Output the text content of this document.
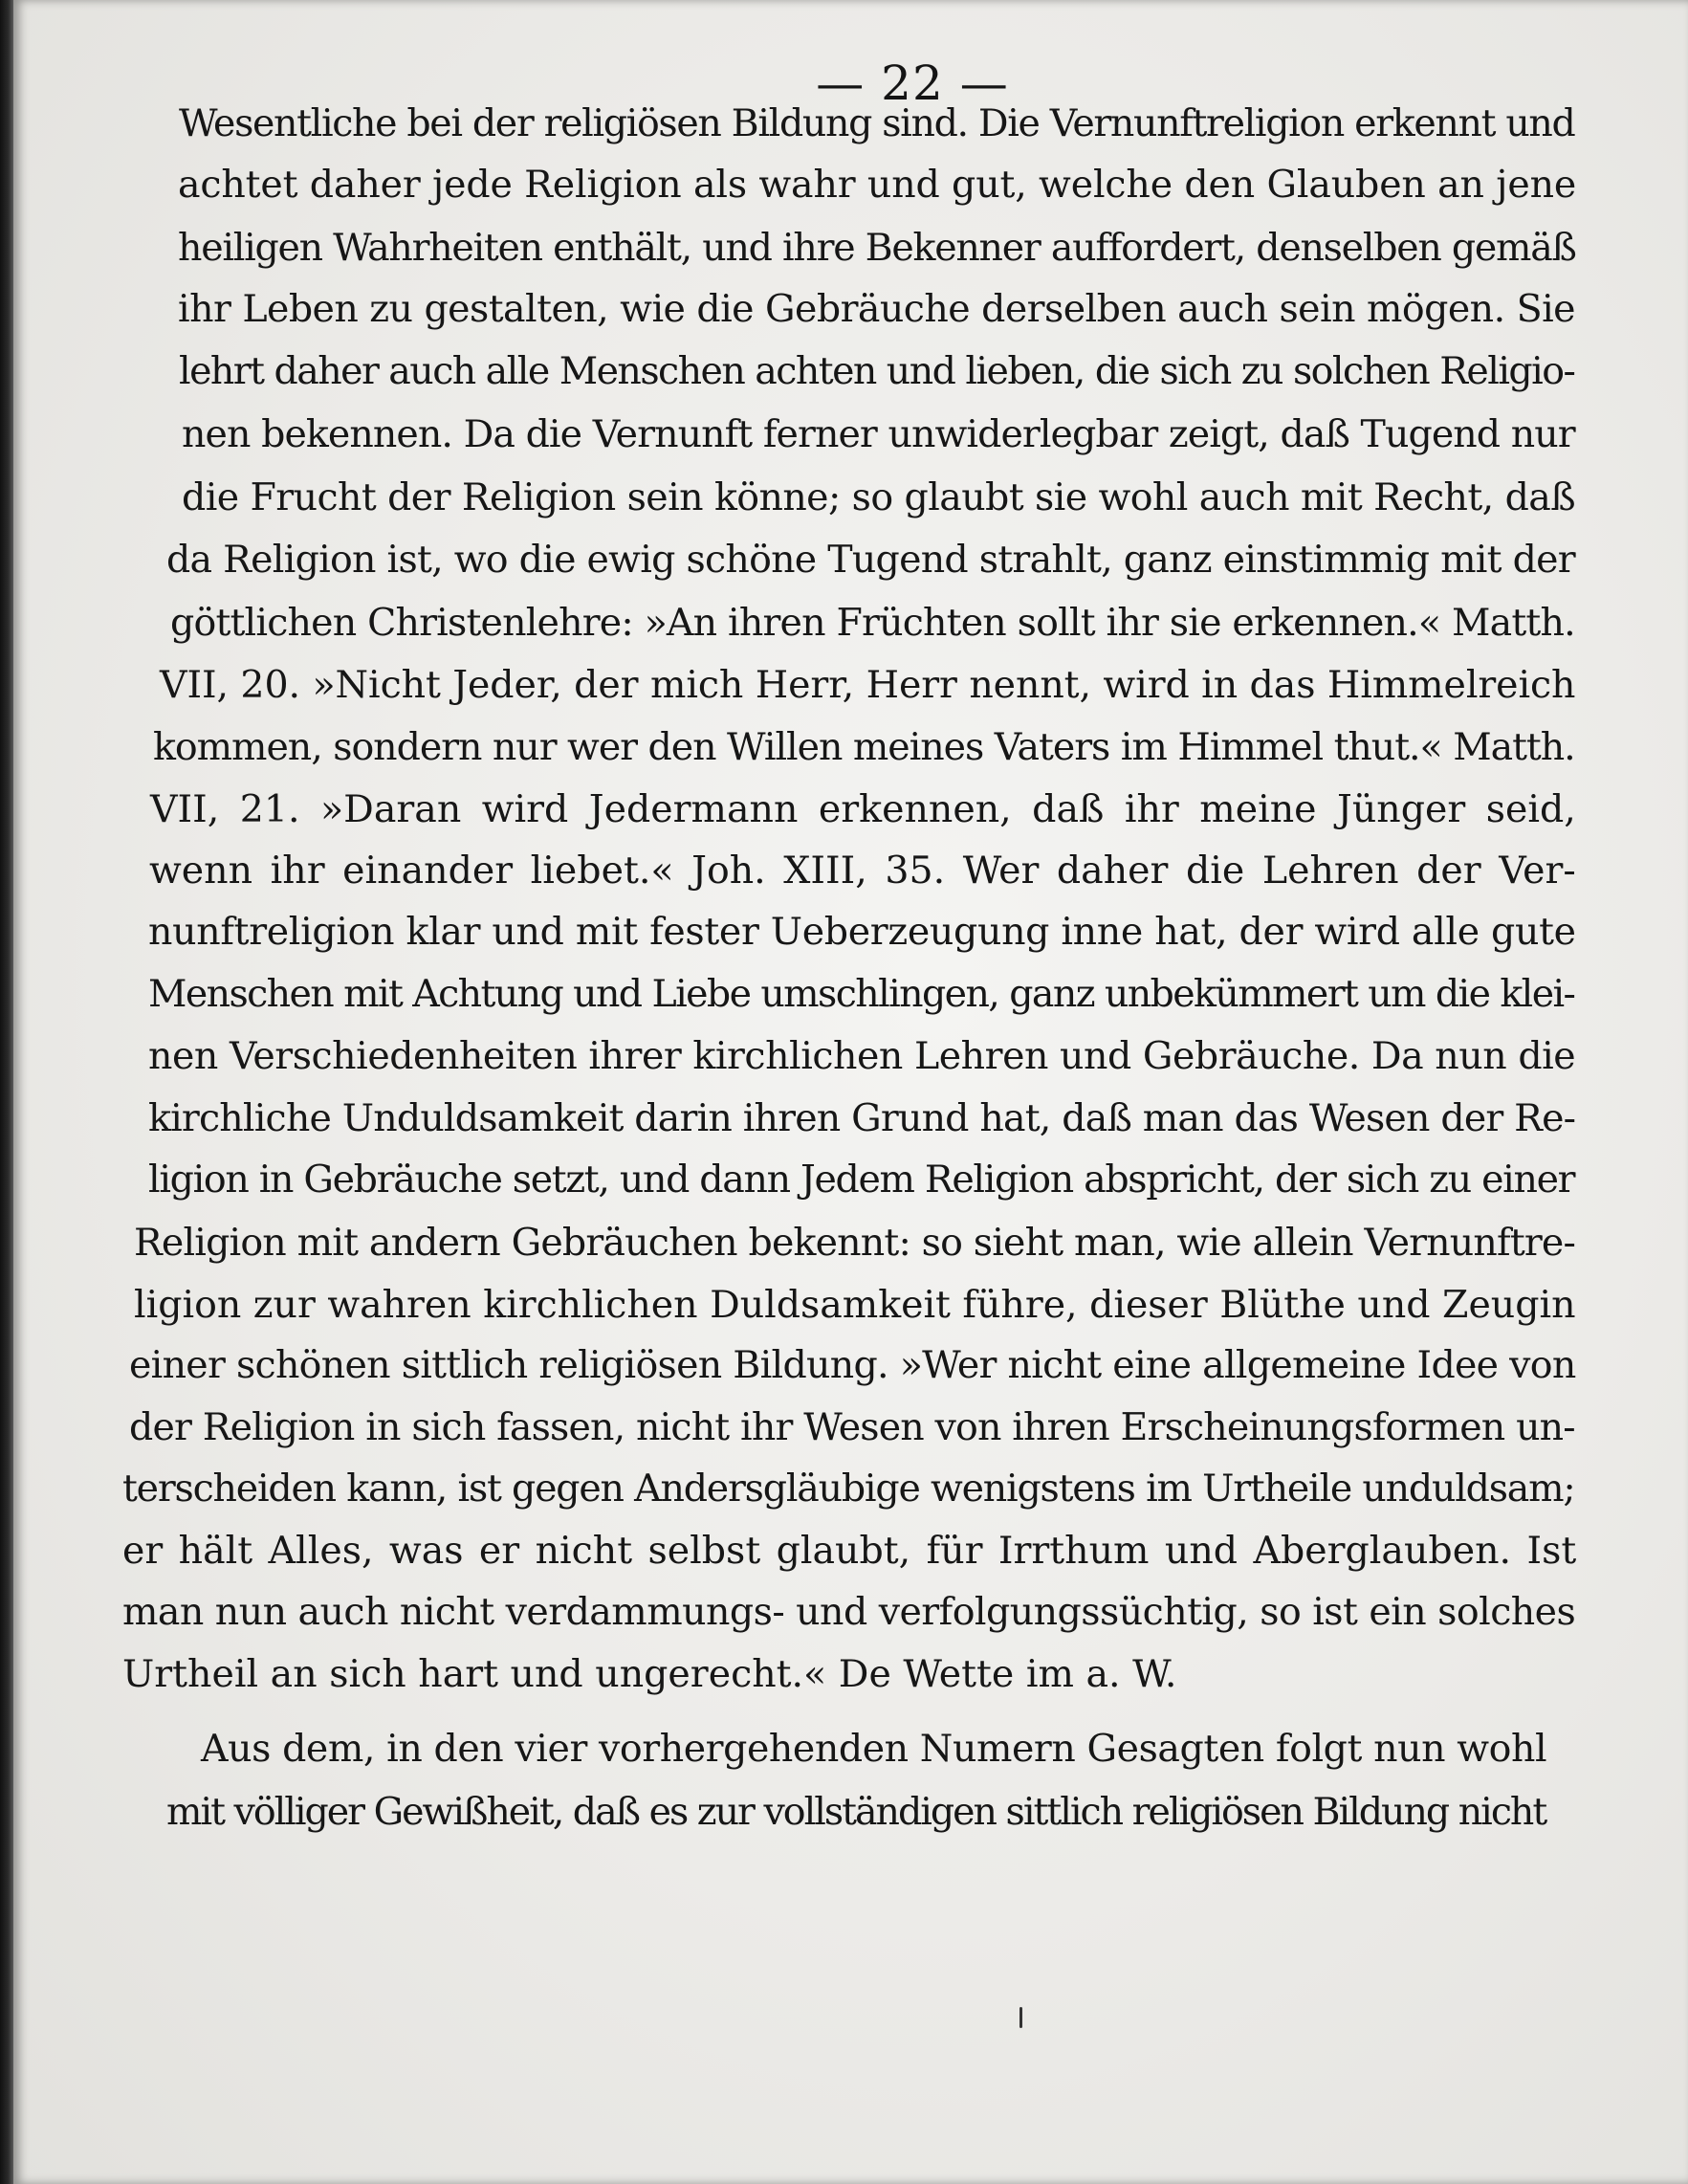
— 22 —
Wesentliche bei der religiösen Bildung sind. Die Vernunftreligion erkennt und
achtet daher jede Religion als wahr und gut, welche den Glauben an jene
heiligen Wahrheiten enthält, und ihre Bekenner auffordert, denselben gemäß
ihr Leben zu gestalten, wie die Gebräuche derselben auch sein mögen. Sie
lehrt daher auch alle Menschen achten und lieben, die sich zu solchen Religio-
nen bekennen. Da die Vernunft ferner unwiderlegbar zeigt, daß Tugend nur
die Frucht der Religion sein könne; so glaubt sie wohl auch mit Recht, daß
da Religion ist, wo die ewig schöne Tugend strahlt, ganz einstimmig mit der
göttlichen Christenlehre: »An ihren Früchten sollt ihr sie erkennen.« Matth.
VII, 20. »Nicht Jeder, der mich Herr, Herr nennt, wird in das Himmelreich
kommen, sondern nur wer den Willen meines Vaters im Himmel thut.« Matth.
VII, 21. »Daran wird Jedermann erkennen, daß ihr meine Jünger seid,
wenn ihr einander liebet.« Joh. XIII, 35. Wer daher die Lehren der Ver-
nunftreligion klar und mit fester Ueberzeugung inne hat, der wird alle gute
Menschen mit Achtung und Liebe umschlingen, ganz unbekümmert um die klei-
nen Verschiedenheiten ihrer kirchlichen Lehren und Gebräuche. Da nun die
kirchliche Unduldsamkeit darin ihren Grund hat, daß man das Wesen der Re-
ligion in Gebräuche setzt, und dann Jedem Religion abspricht, der sich zu einer
Religion mit andern Gebräuchen bekennt: so sieht man, wie allein Vernunftre-
ligion zur wahren kirchlichen Duldsamkeit führe, dieser Blüthe und Zeugin
einer schönen sittlich religiösen Bildung. »Wer nicht eine allgemeine Idee von
der Religion in sich fassen, nicht ihr Wesen von ihren Erscheinungsformen un-
terscheiden kann, ist gegen Andersgläubige wenigstens im Urtheile unduldsam;
er hält Alles, was er nicht selbst glaubt, für Irrthum und Aberglauben. Ist
man nun auch nicht verdammungs- und verfolgungssüchtig, so ist ein solches
Urtheil an sich hart und ungerecht.« De Wette im a. W.
Aus dem, in den vier vorhergehenden Numern Gesagten folgt nun wohl
mit völliger Gewißheit, daß es zur vollständigen sittlich religiösen Bildung nicht
